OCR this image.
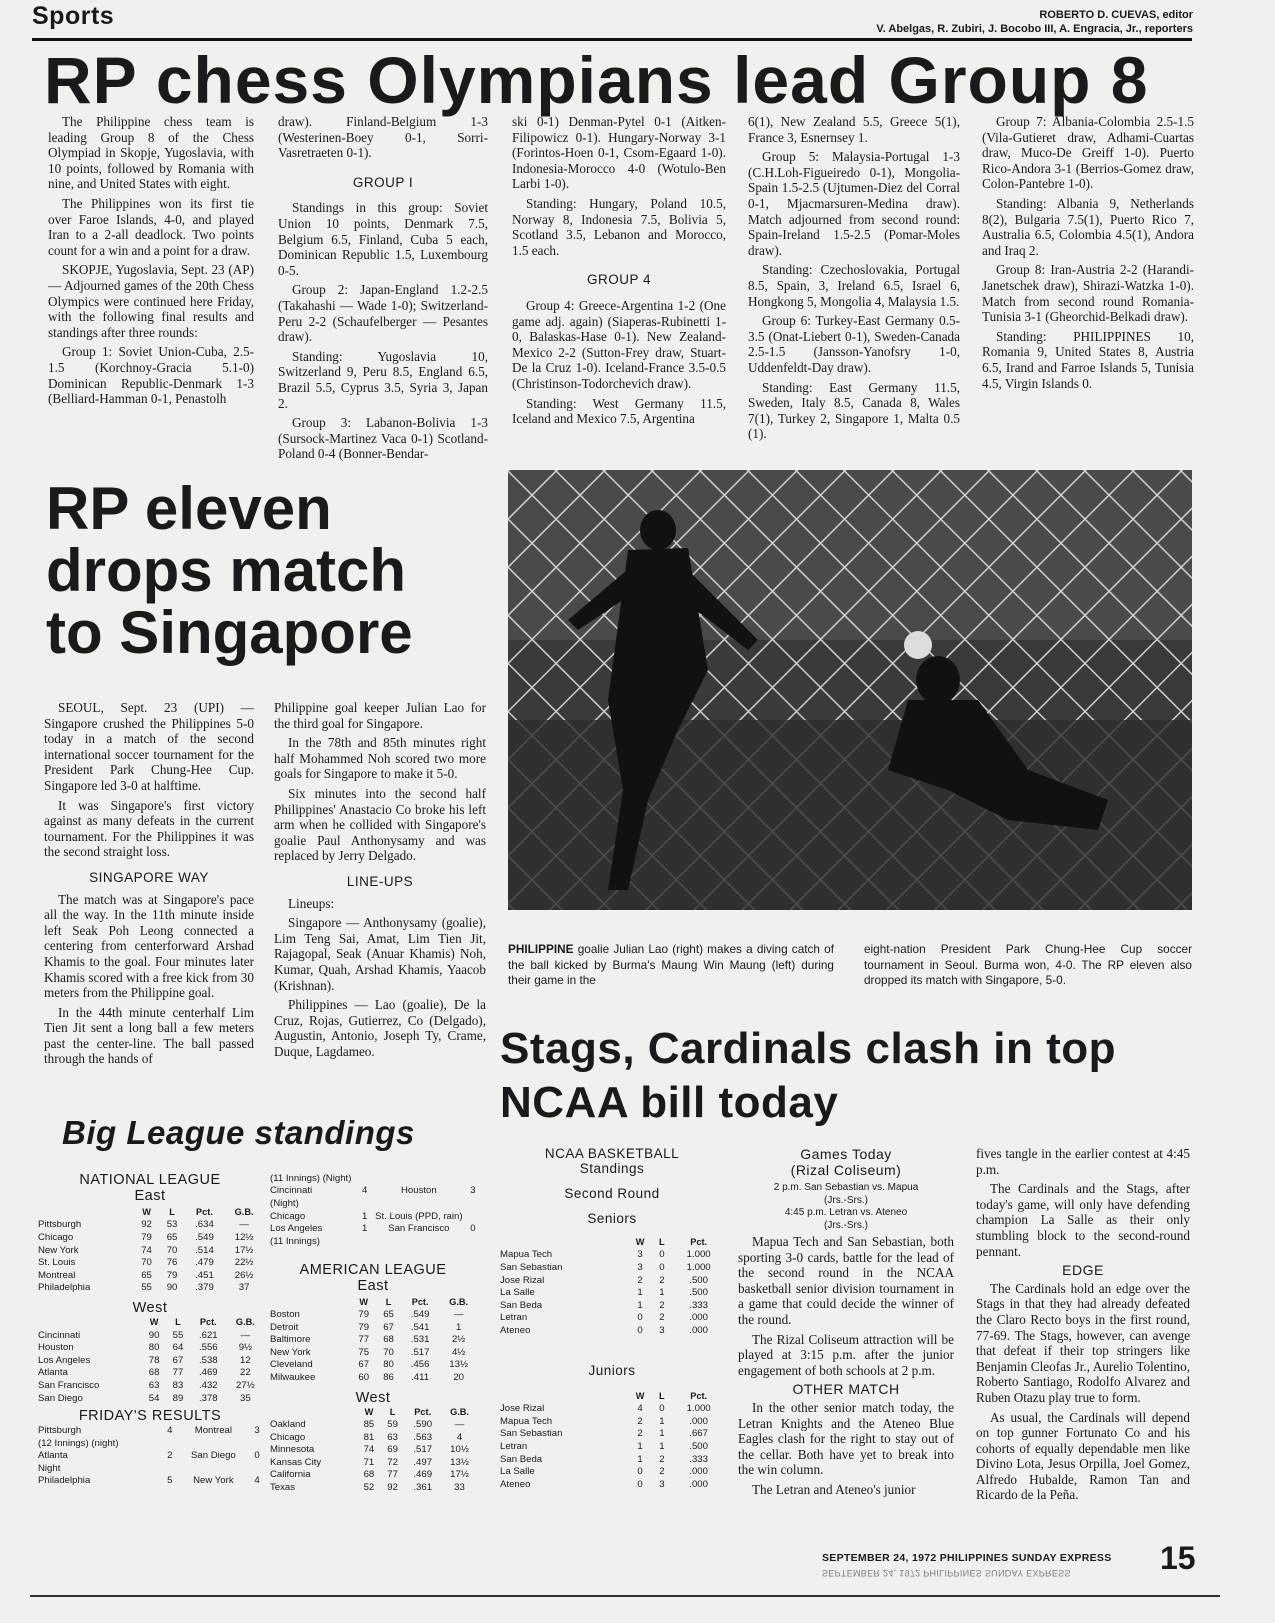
Sports	ROBERTO D. CUEVAS, editor
V. Abelgas, R. Zubiri, J. Bocobo III, A. Engracia, Jr., reporters
RP chess Olympians lead Group 8

The Philippine chess team is leading Group 8 of the Chess Olympiad in Skopje, Yugoslavia, with 10 points, followed by Romania with nine, and United States with eight.

The Philippines won its first tie over Faroe Islands, 4-0, and played Iran to a 2-all deadlock. Two points count for a win and a point for a draw.

SKOPJE, Yugoslavia, Sept. 23 (AP) — Adjourned games of the 20th Chess Olympics were continued here Friday, with the following final results and standings after three rounds:

Group 1: Soviet Union-Cuba, 2.5-1.5 (Korchnoy-Gracia 5.1-0) Dominican Republic-Denmark 1-3 (Belliard-Hamman 0-1, Penastolh

draw). Finland-Belgium 1-3 (Westerinen-Boey 0-1, Sorri-Vasretraeten 0-1).

GROUP I

Standings in this group: Soviet Union 10 points, Denmark 7.5, Belgium 6.5, Finland, Cuba 5 each, Dominican Republic 1.5, Luxembourg 0-5.

Group 2: Japan-England 1.2-2.5 (Takahashi — Wade 1-0); Switzerland-Peru 2-2 (Schaufelberger — Pesantes draw).

Standing: Yugoslavia 10, Switzerland 9, Peru 8.5, England 6.5, Brazil 5.5, Cyprus 3.5, Syria 3, Japan 2.

Group 3: Labanon-Bolivia 1-3 (Sursock-Martinez Vaca 0-1) Scotland-Poland 0-4 (Bonner-Bendar-

ski 0-1) Denman-Pytel 0-1 (Aitken-Filipowicz 0-1). Hungary-Norway 3-1 (Forintos-Hoen 0-1, Csom-Egaard 1-0). Indonesia-Morocco 4-0 (Wotulo-Ben Larbi 1-0).

Standing: Hungary, Poland 10.5, Norway 8, Indonesia 7.5, Bolivia 5, Scotland 3.5, Lebanon and Morocco, 1.5 each.

GROUP 4

Group 4: Greece-Argentina 1-2 (One game adj. again) (Siaperas-Rubinetti 1-0, Balaskas-Hase 0-1). New Zealand-Mexico 2-2 (Sutton-Frey draw, Stuart-De la Cruz 1-0). Iceland-France 3.5-0.5 (Christinson-Todorchevich draw).

Standing: West Germany 11.5, Iceland and Mexico 7.5, Argentina

6(1), New Zealand 5.5, Greece 5(1), France 3, Esnernsey 1.

Group 5: Malaysia-Portugal 1-3 (C.H.Loh-Figueiredo 0-1), Mongolia-Spain 1.5-2.5 (Ujtumen-Diez del Corral 0-1, Mjacmarsuren-Medina draw). Match adjourned from second round: Spain-Ireland 1.5-2.5 (Pomar-Moles draw).

Standing: Czechoslovakia, Portugal 8.5, Spain, 3, Ireland 6.5, Israel 6, Hongkong 5, Mongolia 4, Malaysia 1.5.

Group 6: Turkey-East Germany 0.5-3.5 (Onat-Liebert 0-1), Sweden-Canada 2.5-1.5 (Jansson-Yanofsry 1-0, Uddenfeldt-Day draw).

Standing: East Germany 11.5, Sweden, Italy 8.5, Canada 8, Wales 7(1), Turkey 2, Singapore 1, Malta 0.5 (1).

Group 7: Albania-Colombia 2.5-1.5 (Vila-Gutieret draw, Adhami-Cuartas draw, Muco-De Greiff 1-0). Puerto Rico-Andora 3-1 (Berrios-Gomez draw, Colon-Pantebre 1-0).

Standing: Albania 9, Netherlands 8(2), Bulgaria 7.5(1), Puerto Rico 7, Australia 6.5, Colombia 4.5(1), Andora and Iraq 2.

Group 8: Iran-Austria 2-2 (Harandi-Janetschek draw), Shirazi-Watzka 1-0). Match from second round Romania-Tunisia 3-1 (Gheorchid-Belkadi draw).

Standing: PHILIPPINES 10, Romania 9, United States 8, Austria 6.5, Irand and Farroe Islands 5, Tunisia 4.5, Virgin Islands 0.

RP eleven drops match to Singapore

SEOUL, Sept. 23 (UPI) — Singapore crushed the Philippines 5-0 today in a match of the second international soccer tournament for the President Park Chung-Hee Cup. Singapore led 3-0 at halftime.

It was Singapore's first victory against as many defeats in the current tournament. For the Philippines it was the second straight loss.

SINGAPORE WAY

The match was at Singapore's pace all the way. In the 11th minute inside left Seak Poh Leong connected a centering from centerforward Arshad Khamis to the goal. Four minutes later Khamis scored with a free kick from 30 meters from the Philippine goal.

In the 44th minute centerhalf Lim Tien Jit sent a long ball a few meters past the center-line. The ball passed through the hands of

Philippine goal keeper Julian Lao for the third goal for Singapore.

In the 78th and 85th minutes right half Mohammed Noh scored two more goals for Singapore to make it 5-0.

Six minutes into the second half Philippines' Anastacio Co broke his left arm when he collided with Singapore's goalie Paul Anthonysamy and was replaced by Jerry Delgado.

LINE-UPS

Lineups:

Singapore — Anthonysamy (goalie), Lim Teng Sai, Amat, Lim Tien Jit, Rajagopal, Seak (Anuar Khamis) Noh, Kumar, Quah, Arshad Khamis, Yaacob (Krishnan).

Philippines — Lao (goalie), De la Cruz, Rojas, Gutierrez, Co (Delgado), Augustin, Antonio, Joseph Ty, Crame, Duque, Lagdameo.

PHILIPPINE goalie Julian Lao (right) makes a diving catch of the ball kicked by Burma's Maung Win Maung (left) during their game in the
eight-nation President Park Chung-Hee Cup soccer tournament in Seoul. Burma won, 4-0. The RP eleven also dropped its match with Singapore, 5-0.
Stags, Cardinals clash in top NCAA bill today
NCAA BASKETBALL
Standings
Second Round
Seniors
	W	L	Pct.
Mapua Tech	3	0	1.000
San Sebastian	3	0	1.000
Jose Rizal	2	2	.500
La Salle	1	1	.500
San Beda	1	2	.333
Letran	0	2	.000
Ateneo	0	3	.000
Juniors
	W	L	Pct.
Jose Rizal	4	0	1.000
Mapua Tech	2	1	.000
San Sebastian	2	1	.667
Letran	1	1	.500
San Beda	1	2	.333
La Salle	0	2	.000
Ateneo	0	3	.000
Games Today
(Rizal Coliseum)
2 p.m. San Sebastian vs. Mapua
(Jrs.-Srs.)
4:45 p.m. Letran vs. Ateneo
(Jrs.-Srs.)

Mapua Tech and San Sebastian, both sporting 3-0 cards, battle for the lead of the second round in the NCAA basketball senior division tournament in a game that could decide the winner of the round.

The Rizal Coliseum attraction will be played at 3:15 p.m. after the junior engagement of both schools at 2 p.m.

OTHER MATCH

In the other senior match today, the Letran Knights and the Ateneo Blue Eagles clash for the right to stay out of the cellar. Both have yet to break into the win column.

The Letran and Ateneo's junior

fives tangle in the earlier contest at 4:45 p.m.

The Cardinals and the Stags, after today's game, will only have defending champion La Salle as their only stumbling block to the second-round pennant.

EDGE

The Cardinals hold an edge over the Stags in that they had already defeated the Claro Recto boys in the first round, 77-69. The Stags, however, can avenge that defeat if their top stringers like Benjamin Cleofas Jr., Aurelio Tolentino, Roberto Santiago, Rodolfo Alvarez and Ruben Otazu play true to form.

As usual, the Cardinals will depend on top gunner Fortunato Co and his cohorts of equally dependable men like Divino Lota, Jesus Orpilla, Joel Gomez, Alfredo Hubalde, Ramon Tan and Ricardo de la Peña.

Big League standings
NATIONAL LEAGUE
East
	W	L	Pct.	G.B.
Pittsburgh	92	53	.634	—
Chicago	79	65	.549	12½
New York	74	70	.514	17½
St. Louis	70	76	.479	22½
Montreal	65	79	.451	26½
Philadelphia	55	90	.379	37
West
	W	L	Pct.	G.B.
Cincinnati	90	55	.621	—
Houston	80	64	.556	9½
Los Angeles	78	67	.538	12
Atlanta	68	77	.469	22
San Francisco	63	83	.432	27½
San Diego	54	89	.378	35
FRIDAY'S RESULTS
Pittsburgh	4	Montreal	3
(12 Innings) (night)			
Atlanta	2	San Diego	0
Night			
Philadelphia	5	New York	4
(11 Innings) (Night)			
Cincinnati	4	Houston	3
(Night)			
Chicago	1	St. Louis (PPD, rain)	
Los Angeles	1	San Francisco	0
(11 Innings)			
AMERICAN LEAGUE
East
	W	L	Pct.	G.B.
Boston	79	65	.549	—
Detroit	79	67	.541	1
Baltimore	77	68	.531	2½
New York	75	70	.517	4½
Cleveland	67	80	.456	13½
Milwaukee	60	86	.411	20
West
	W	L	Pct.	G.B.
Oakland	85	59	.590	—
Chicago	81	63	.563	4
Minnesota	74	69	.517	10½
Kansas City	71	72	.497	13½
California	68	77	.469	17½
Texas	52	92	.361	33
SEPTEMBER 24, 1972 PHILIPPINES SUNDAY EXPRESS 15
SEPTEMBER 24, 1972 PHILIPPINES SUNDAY EXPRESS
